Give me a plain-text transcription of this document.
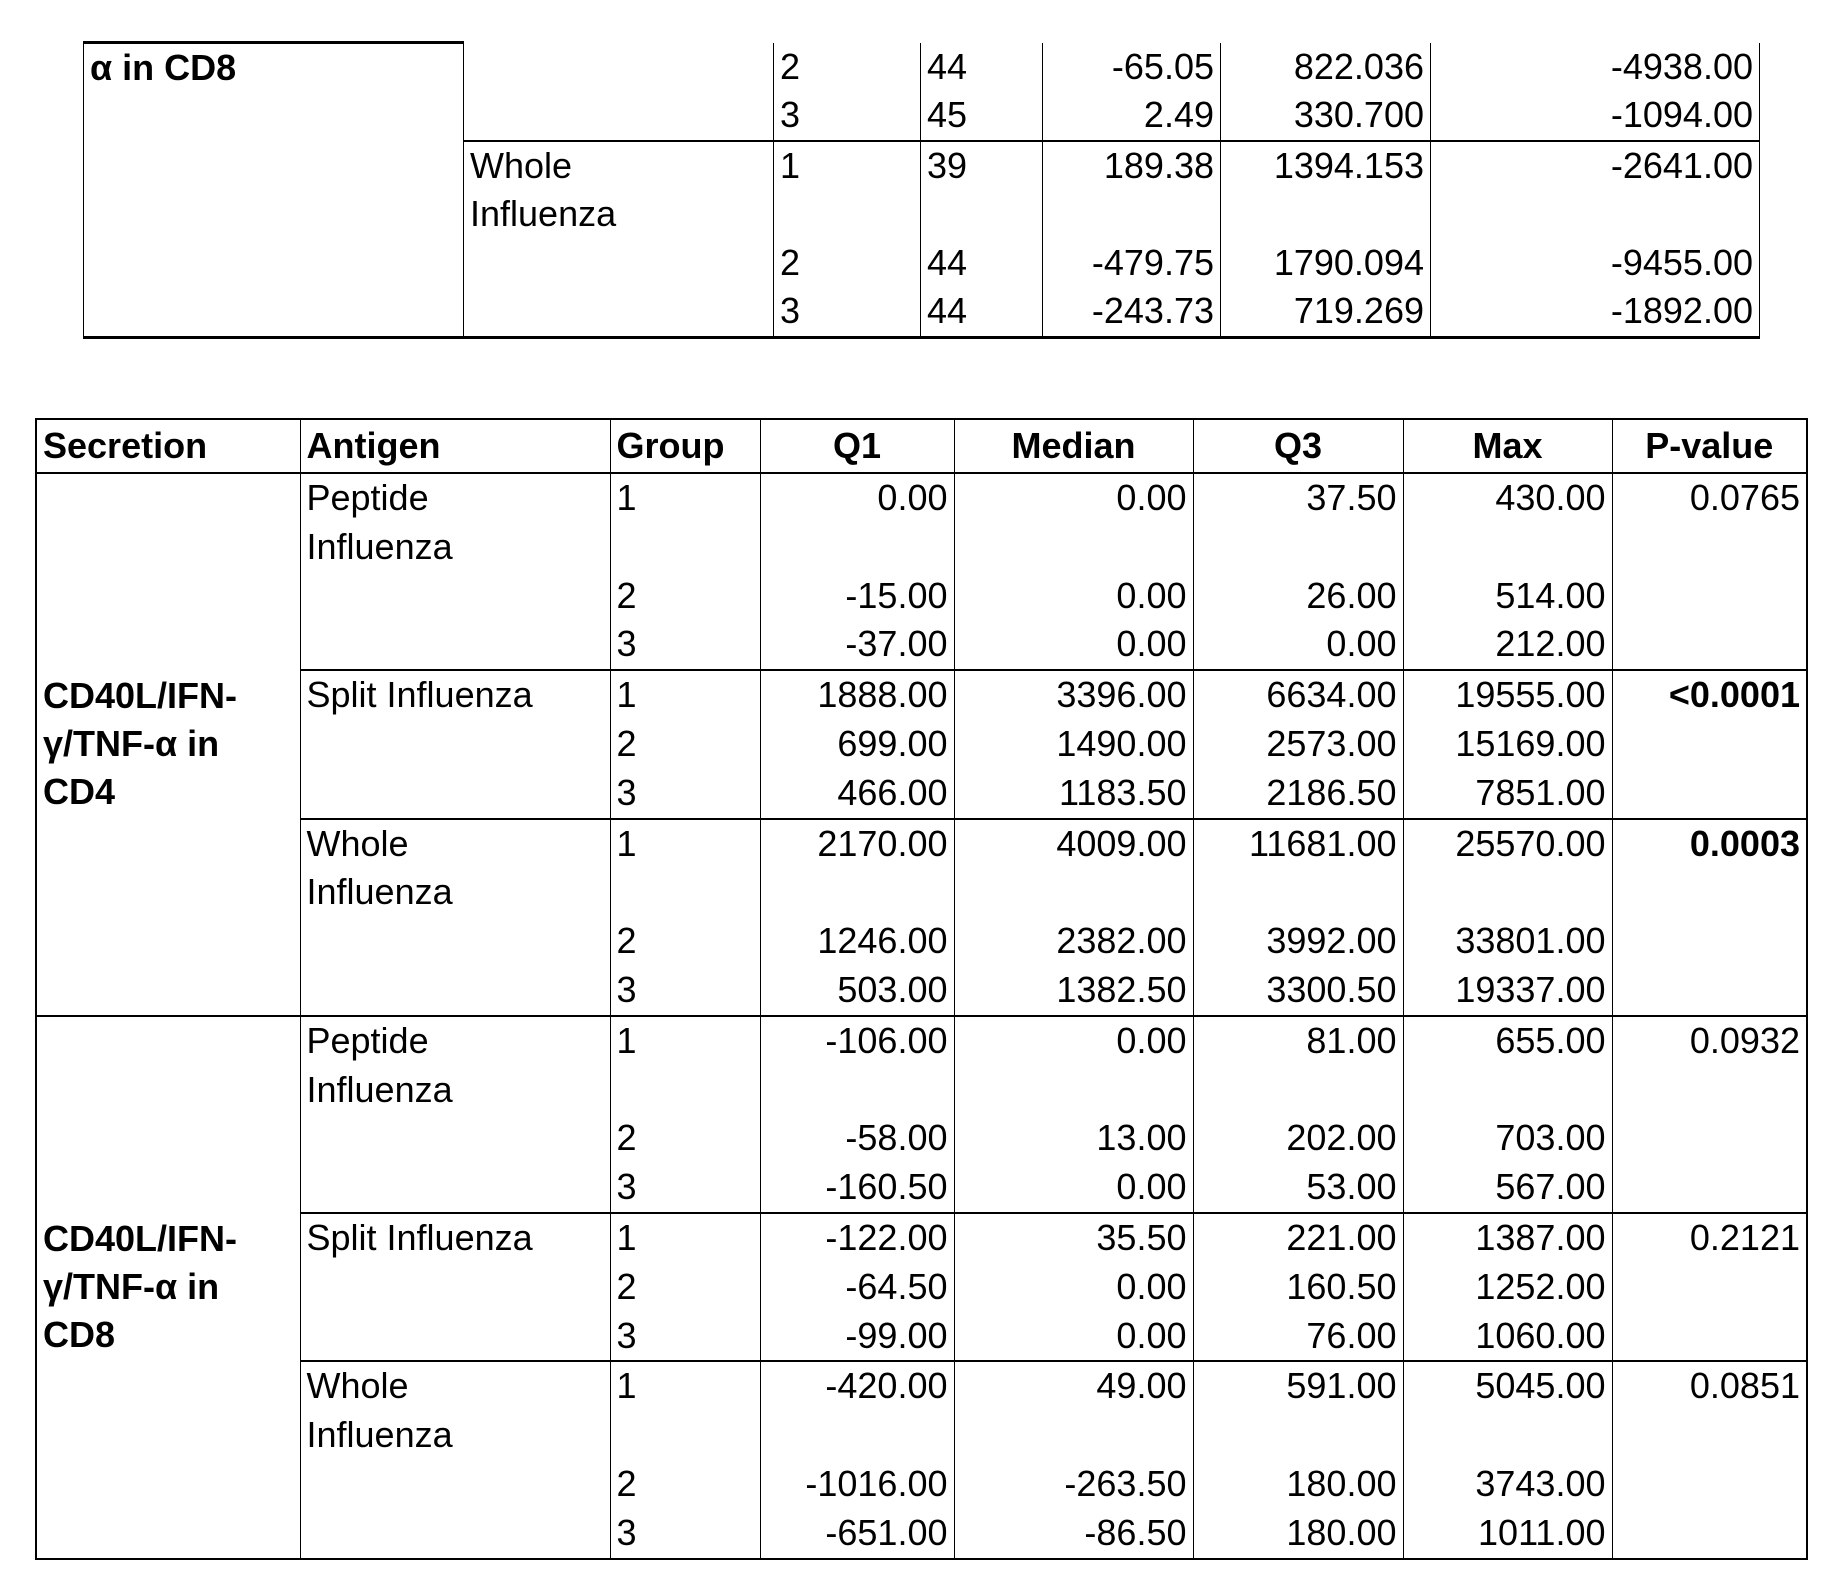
α in CD8		2
3

44
45

-65.05
2.49

822.036
330.700

-4938.00
-1094.00

Whole
Influenza

1
2
3

39
44
44

189.38
-479.75
-243.73

1394.153
1790.094
719.269

-2641.00
-9455.00
-1892.00
Secretion	Antigen	Group	Q1	Median	Q3	Max	P-value

CD40L/IFN-
γ/TNF-α in
CD4

Peptide
Influenza

1
2
3

0.00
-15.00
-37.00

0.00
0.00
0.00

37.50
26.00
0.00

430.00
514.00
212.00

0.0765

Split Influenza	1
2
3

1888.00
699.00
466.00

3396.00
1490.00
1183.50

6634.00
2573.00
2186.50

19555.00
15169.00
7851.00

<0.0001

Whole
Influenza

1
2
3

2170.00
1246.00
503.00

4009.00
2382.00
1382.50

11681.00
3992.00
3300.50

25570.00
33801.00
19337.00

0.0003

CD40L/IFN-
γ/TNF-α in
CD8

Peptide
Influenza

1
2
3

-106.00
-58.00
-160.50

0.00
13.00
0.00

81.00
202.00
53.00

655.00
703.00
567.00

0.0932

Split Influenza	1
2
3

-122.00
-64.50
-99.00

35.50
0.00
0.00

221.00
160.50
76.00

1387.00
1252.00
1060.00

0.2121

Whole
Influenza

1
2
3

-420.00
-1016.00
-651.00

49.00
-263.50
-86.50

591.00
180.00
180.00

5045.00
3743.00
1011.00

0.0851
